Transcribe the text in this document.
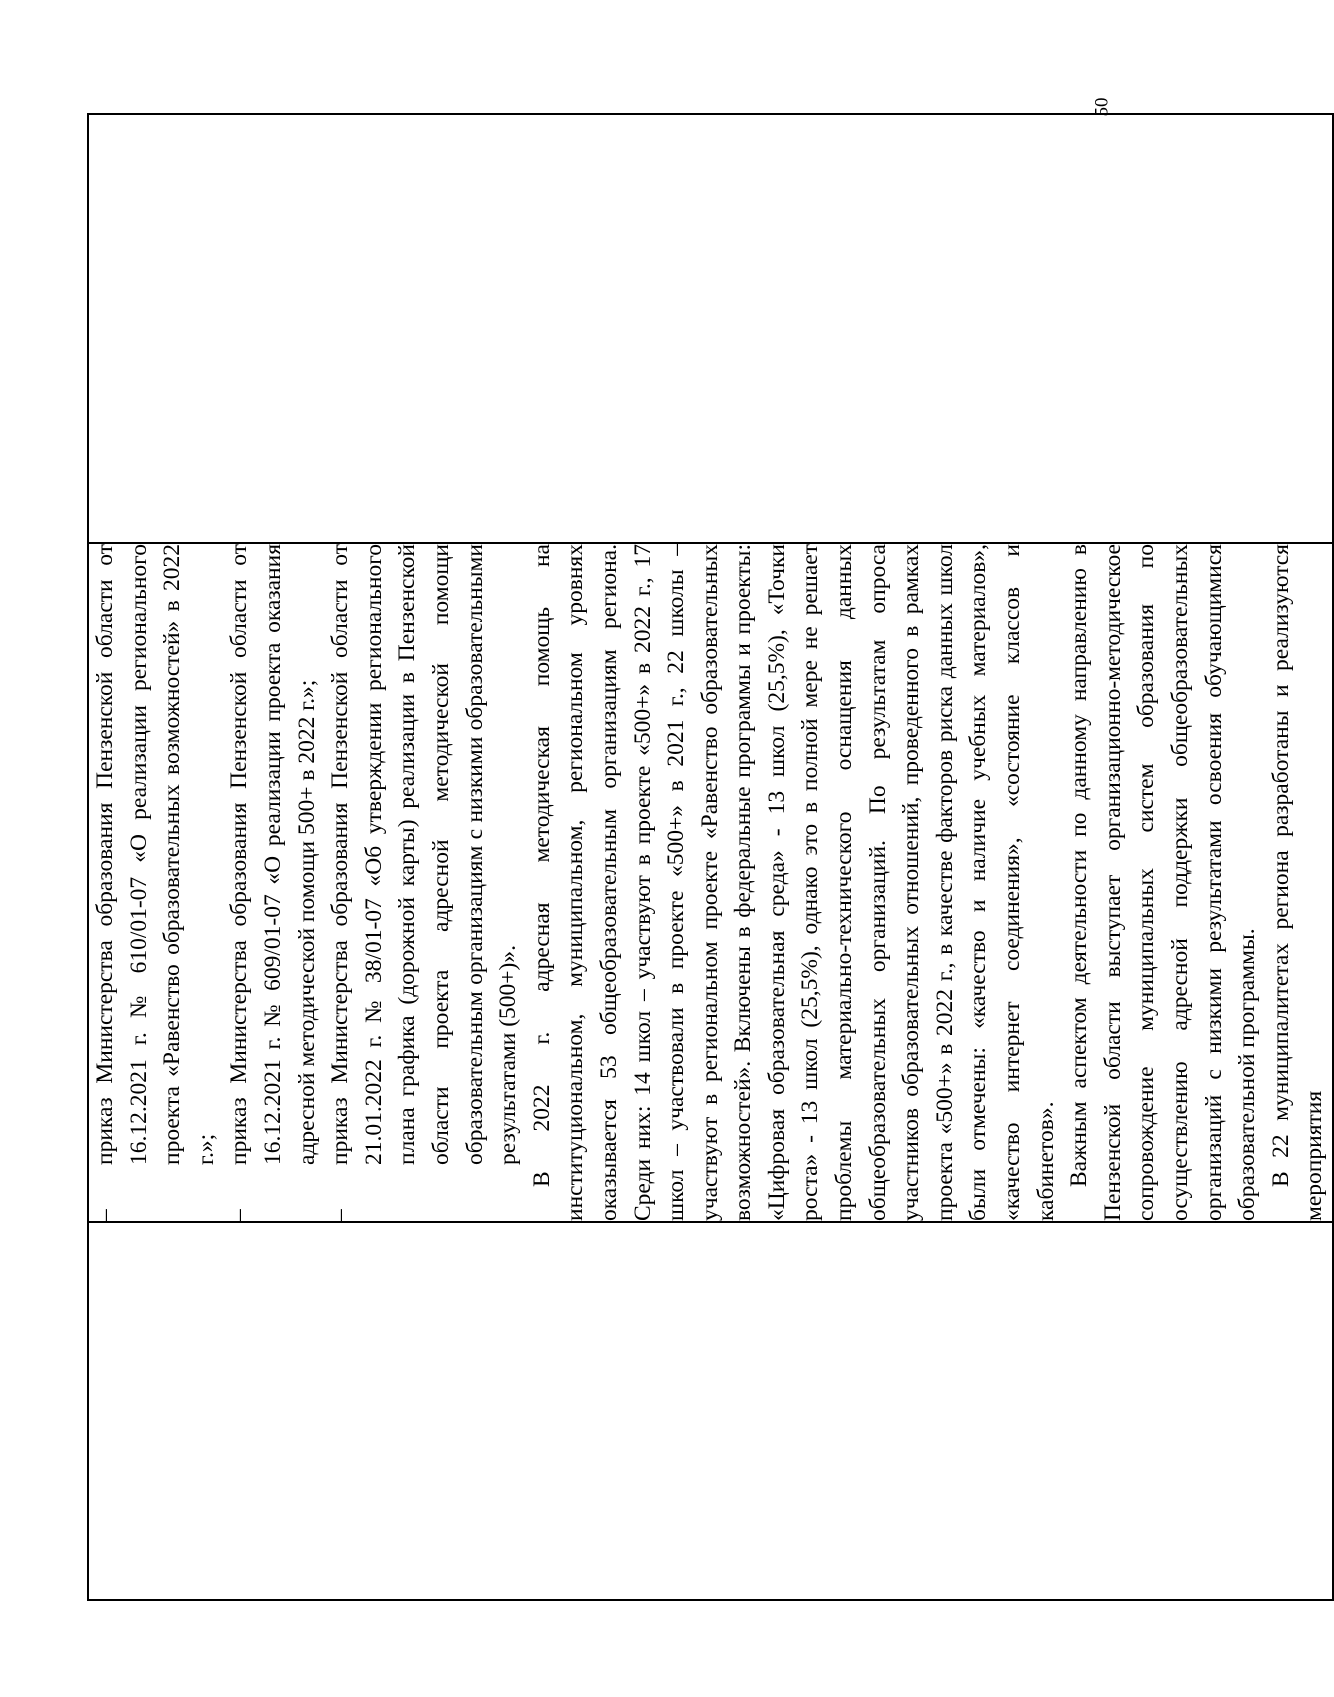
50

–
приказ Министерства образования Пензенской области от 16.12.2021 г. № 610/01-07 «О реализации регионального проекта «Равенство образовательных возможностей» в 2022 г.»;
–
приказ Министерства образования Пензенской области от 16.12.2021 г. № 609/01-07 «О реализации проекта оказания адресной методической помощи 500+ в 2022 г.»;
–
приказ Министерства образования Пензенской области от 21.01.2022 г. № 38/01-07 «Об утверждении регионального плана графика (дорожной карты) реализации в Пензенской области проекта адресной методической помощи образовательным организациям с низкими образовательными результатами (500+)». В 2022 г. адресная методическая помощь на институциональном, муниципальном, региональном уровнях оказывается 53 общеобразовательным организациям региона. Среди них: 14 школ – участвуют в проекте «500+» в 2022 г., 17 школ – участвовали в проекте «500+» в 2021 г., 22 школы – участвуют в региональном проекте «Равенство образовательных возможностей». Включены в федеральные программы и проекты: «Цифровая образовательная среда» - 13 школ (25,5%), «Точки роста» - 13 школ (25,5%), однако это в полной мере не решает проблемы материально-технического оснащения данных общеобразовательных организаций. По результатам опроса участников образовательных отношений, проведенного в рамках проекта «500+» в 2022 г., в качестве факторов риска данных школ были отмечены: «качество и наличие учебных материалов», «качество интернет соединения», «состояние классов и кабинетов». Важным аспектом деятельности по данному направлению в Пензенской области выступает организационно-методическое сопровождение муниципальных систем образования по осуществлению адресной поддержки общеобразовательных организаций с низкими результатами освоения обучающимися образовательной программы. В 22 муниципалитетах региона разработаны и реализуются мероприятия
